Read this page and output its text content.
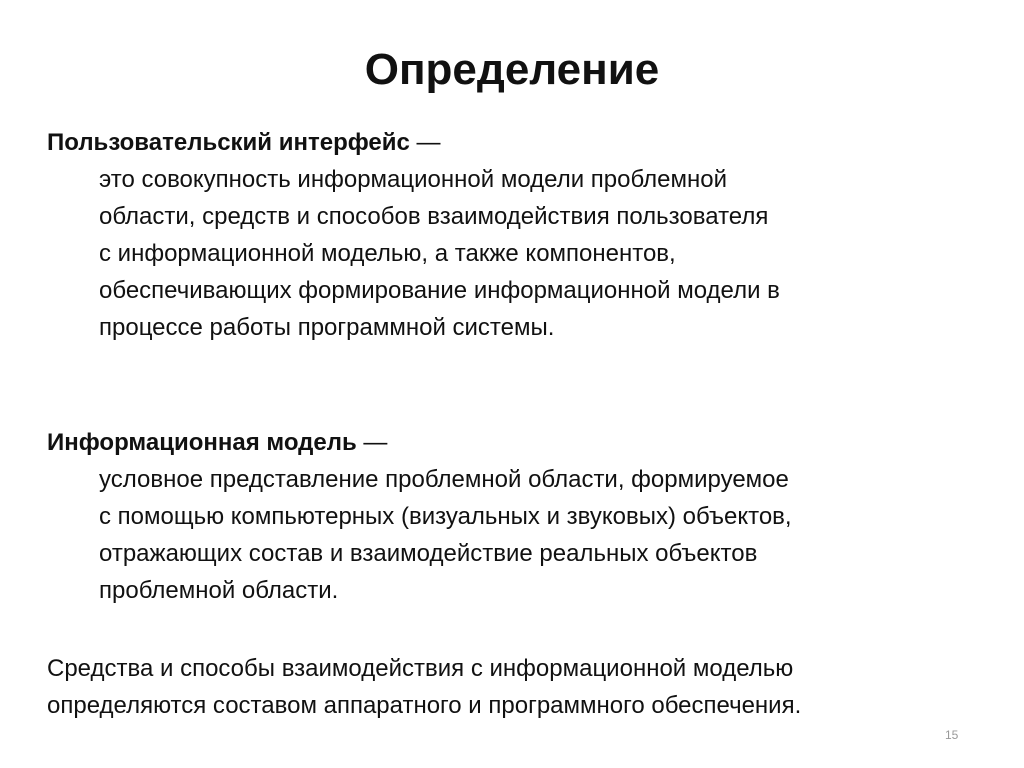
Определение
Пользовательский интерфейс —
это совокупность информационной модели проблемной
области, средств и способов взаимодействия пользователя
с информационной моделью, а также компонентов,
обеспечивающих формирование информационной модели в
процессе работы программной системы.
Информационная модель —
условное представление проблемной области, формируемое
с помощью компьютерных (визуальных и звуковых) объектов,
отражающих состав и взаимодействие реальных объектов
проблемной области.
Средства и способы взаимодействия с информационной моделью
определяются составом аппаратного и программного обеспечения.
15
